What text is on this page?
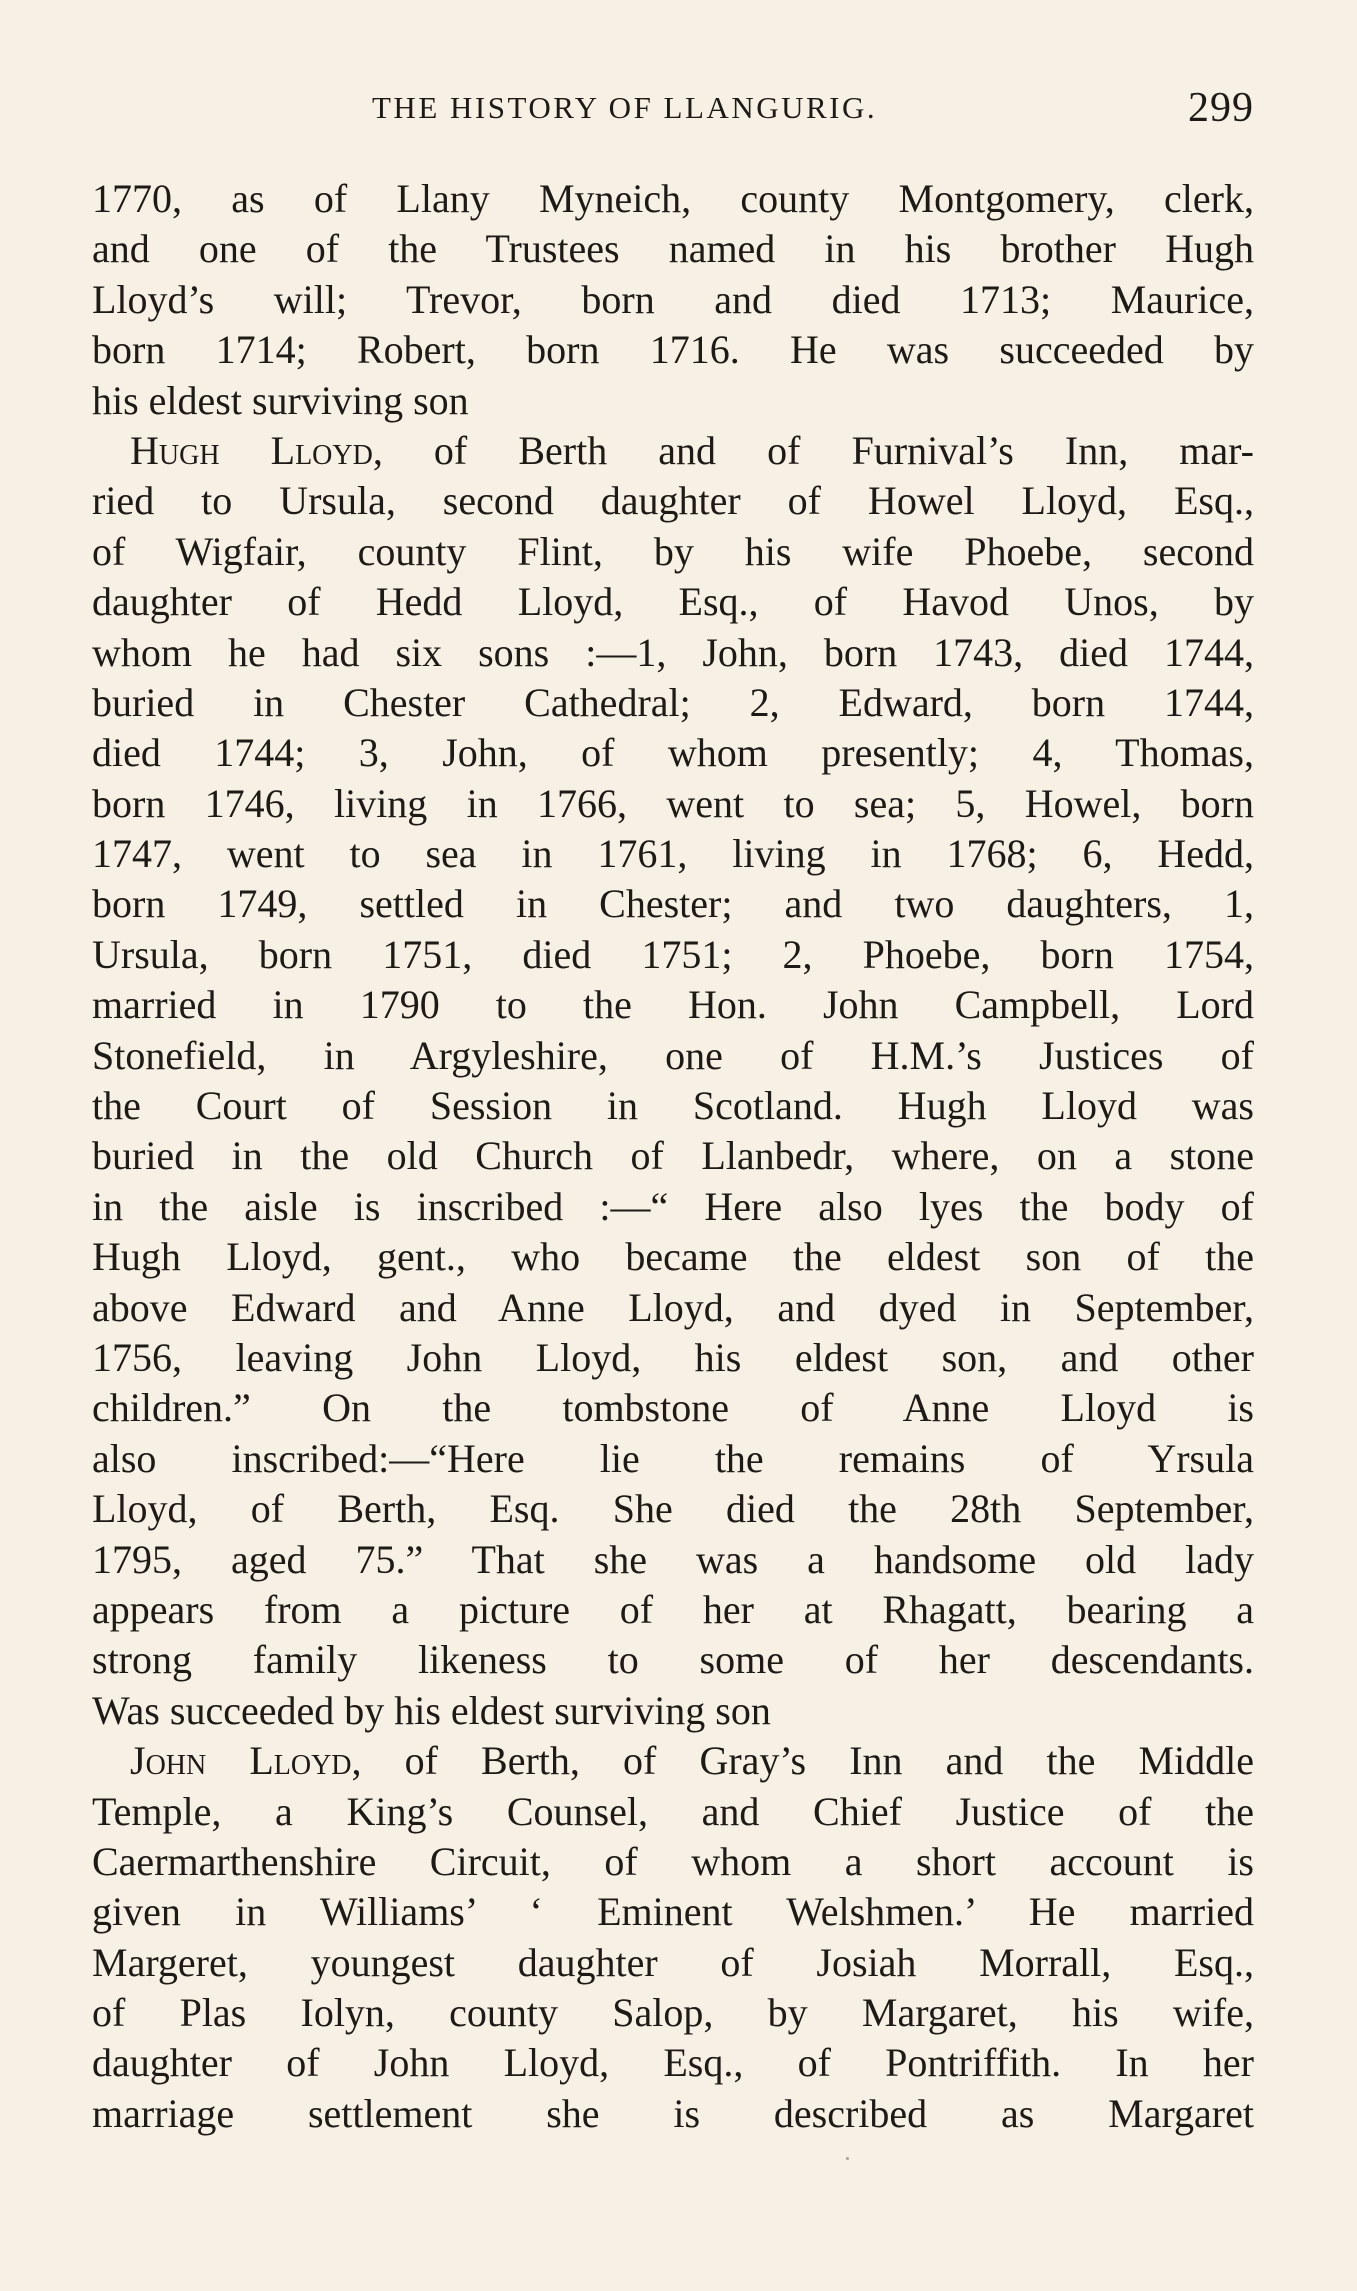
THE HISTORY OF LLANGURIG.	299
1770, as of Llany Myneich, county Montgomery, clerk,
and one of the Trustees named in his brother Hugh
Lloyd’s will; Trevor, born and died 1713; Maurice,
born 1714; Robert, born 1716. He was succeeded by
his eldest surviving son
Hugh Lloyd, of Berth and of Furnival’s Inn, mar-
ried to Ursula, second daughter of Howel Lloyd, Esq.,
of Wigfair, county Flint, by his wife Phoebe, second
daughter of Hedd Lloyd, Esq., of Havod Unos, by
whom he had six sons :—1, John, born 1743, died 1744,
buried in Chester Cathedral; 2, Edward, born 1744,
died 1744; 3, John, of whom presently; 4, Thomas,
born 1746, living in 1766, went to sea; 5, Howel, born
1747, went to sea in 1761, living in 1768; 6, Hedd,
born 1749, settled in Chester; and two daughters, 1,
Ursula, born 1751, died 1751; 2, Phoebe, born 1754,
married in 1790 to the Hon. John Campbell, Lord
Stonefield, in Argyleshire, one of H.M.’s Justices of
the Court of Session in Scotland. Hugh Lloyd was
buried in the old Church of Llanbedr, where, on a stone
in the aisle is inscribed :—“ Here also lyes the body of
Hugh Lloyd, gent., who became the eldest son of the
above Edward and Anne Lloyd, and dyed in September,
1756, leaving John Lloyd, his eldest son, and other
children.” On the tombstone of Anne Lloyd is
also inscribed:—“Here lie the remains of Yrsula
Lloyd, of Berth, Esq. She died the 28th September,
1795, aged 75.” That she was a handsome old lady
appears from a picture of her at Rhagatt, bearing a
strong family likeness to some of her descendants.
Was succeeded by his eldest surviving son
John Lloyd, of Berth, of Gray’s Inn and the Middle
Temple, a King’s Counsel, and Chief Justice of the
Caermarthenshire Circuit, of whom a short account is
given in Williams’ ‘ Eminent Welshmen.’ He married
Margeret, youngest daughter of Josiah Morrall, Esq.,
of Plas Iolyn, county Salop, by Margaret, his wife,
daughter of John Lloyd, Esq., of Pontriffith. In her
marriage settlement she is described as Margaret
